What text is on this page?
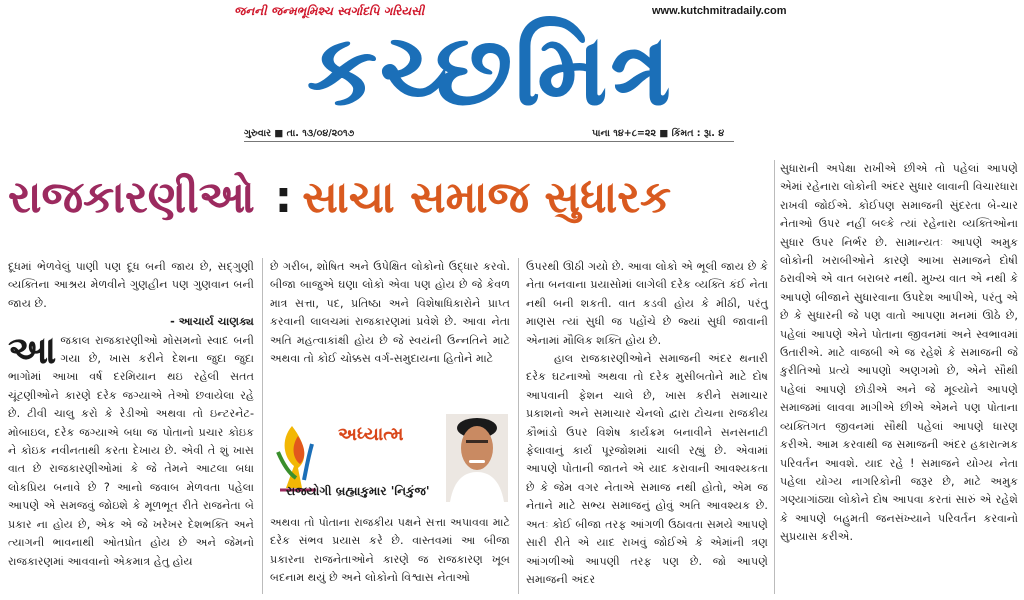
જનની જન્મભૂમિશ્ચ સ્વર્ગાદપિ ગરિયસી	www.kutchmitradaily.com
કચ્છમિત્ર
ગુરુવાર ■ તા. ૧૩/૦૪/૨૦૧૭	પાના ૧૪+૮=૨૨ ■ કિંમત : રૂા. ૪
રાજકારણીઓ : સાચા સમાજ સુધારક

દૂધમાં ભેળવેલું પાણી પણ દૂધ બની જાય છે, સદ્ગુણી વ્યક્તિના આશ્રય મેળવીને ગુણહીન પણ ગુણવાન બની જાય છે.

- આચાર્ય ચાણક્ય

આજકાલ રાજકારણીઓ મોસમનો સ્વાદ બની ગયા છે, ખાસ કરીને દેશના જુદા જુદા ભાગોમાં આખા વર્ષ દરમિયાન થઇ રહેલી સતત ચૂંટણીઓને કારણે દરેક જગ્યાએ તેઓ છવાયેલા રહે છે. ટીવી ચાલુ કરો કે રેડીઓ અથવા તો ઇન્ટરનેટ- મોબાઇલ, દરેક જગ્યાએ બધા જ પોતાનો પ્રચાર કોઇક ને કોઇક નવીનતાથી કરતા દેખાય છે. એવી તે શું ખાસ વાત છે રાજકારણીઓમાં કે જે તેમને આટલા બધા લોકપ્રિય બનાવે છે ? આનો જવાબ મેળવતા પહેલા આપણે એ સમજવું જોઇશે કે મૂળભૂત રીતે રાજનેતા બે પ્રકાર ના હોય છે, એક એ જે ખરેખર દેશભક્તિ અને ત્યાગની ભાવનાથી ઓતપ્રોત હોય છે અને જેમનો રાજકારણમાં આવવાનો એકમાત્ર હેતુ હોય

છે ગરીબ, શોષિત અને ઉપેક્ષિત લોકોનો ઉદ્ધાર કરવો. બીજા બાજુએ ઘણા લોકો એવા પણ હોય છે જે કેવળ માત્ર સત્તા, પદ, પ્રતિષ્ઠા અને વિશેષાધિકારોને પ્રાપ્ત કરવાની લાલચમાં રાજકારણમાં પ્રવેશે છે. આવા નેતા અતિ મહત્વાકાંક્ષી હોય છે જે સ્વયંની ઉન્નતિને માટે અથવા તો કોઈ ચોક્કસ વર્ગ-સમુદાયના હિતોને માટે

અધ્યાત્મ
રાજયોગી બ્રહ્માકુમાર 'નિકુંજ'

અથવા તો પોતાના રાજકીય પક્ષને સત્તા અપાવવા માટે દરેક સંભવ પ્રયાસ કરે છે. વાસ્તવમાં આ બીજા પ્રકારના રાજનેતાઓને કારણે જ રાજકારણ ખૂબ બદનામ થયું છે અને લોકોનો વિશ્વાસ નેતાઓ

ઉપરથી ઊઠી ગયો છે. આવા લોકો એ ભૂલી જાય છે કે નેતા બનવાના પ્રયાસોમાં લાગેલી દરેક વ્યક્તિ કંઈ નેતા નથી બની શકતી. વાત કડવી હોય કે મીઠી, પરંતુ માણસ ત્યાં સુધી જ પહોંચે છે જ્યાં સુધી જાવાની એનામાં મૌલિક શક્તિ હોય છે.

હાલ રાજકારણીઓને સમાજની અંદર થનારી દરેક ઘટનાઓ અથવા તો દરેક મુસીબતોને માટે દોષ આપવાની ફેશન ચાલે છે, ખાસ કરીને સમાચાર પ્રકાશનો અને સમાચાર ચેનલો દ્વારા ટોચના રાજકીય કૌભાંડો ઉપર વિશેષ કાર્યક્રમ બનાવીને સનસનાટી ફેલાવાનું કાર્ય પૂરજોશમાં ચાલી રહ્યું છે. એવામાં આપણે પોતાની જાતને એ યાદ કરાવાની આવશ્યકતા છે કે જેમ વગર નેતાએ સમાજ નથી હોતો, એમ જ નેતાને માટે સભ્ય સમાજનું હોવું અતિ આવશ્યક છે. અતઃ કોઈ બીજા તરફ આંગળી ઉઠાવતા સમયે આપણે સારી રીતે એ યાદ રાખવું જોઈએ કે એમાંની ત્રણ આંગળીઓ આપણી તરફ પણ છે. જો આપણે સમાજની અંદર

સુધારાની અપેક્ષા રાખીએ છીએ તો પહેલાં આપણે એમાં રહેનારા લોકોની અંદર સુધાર લાવાની વિચારધારા રાખવી જોઈએ. કોઈપણ સમાજની સુંદરતા બે-ચાર નેતાઓ ઉપર નહીં બલ્કે ત્યાં રહેનારા વ્યક્તિઓના સુધાર ઉપર નિર્ભર છે. સામાન્યતઃ આપણે અમુક લોકોની ખરાબીઓને કારણે આખા સમાજને દોષી ઠરાવીએ એ વાત બરાબર નથી. મુખ્ય વાત એ નથી કે આપણે બીજાને સુધારવાના ઉપદેશ આપીએ, પરંતુ એ છે કે સુધારની જે પણ વાતો આપણા મનમાં ઊઠે છે, પહેલાં આપણે એને પોતાના જીવનમાં અને સ્વભાવમાં ઉતારીએ. માટે વાજબી એ જ રહેશે કે સમાજની જે કુરીતિઓ પ્રત્યે આપણો અણગમો છે, એને સૌથી પહેલાં આપણે છોડીએ અને જે મૂલ્યોને આપણે સમાજમાં લાવવા માગીએ છીએ એમને પણ પોતાના વ્યક્તિગત જીવનમાં સૌથી પહેલાં આપણે ધારણ કરીએ. આમ કરવાથી જ સમાજની અંદર હકારાત્મક પરિવર્તન આવશે. યાદ રહે ! સમાજને યોગ્ય નેતા પહેલા યોગ્ય નાગરિકોની જરૂર છે, માટે અમુક ગણ્યાગાંઠ્યા લોકોને દોષ આપવા કરતાં સારું એ રહેશે કે આપણે બહુમતી જનસંખ્યાને પરિવર્તન કરવાનો સુપ્રયાસ કરીએ.
